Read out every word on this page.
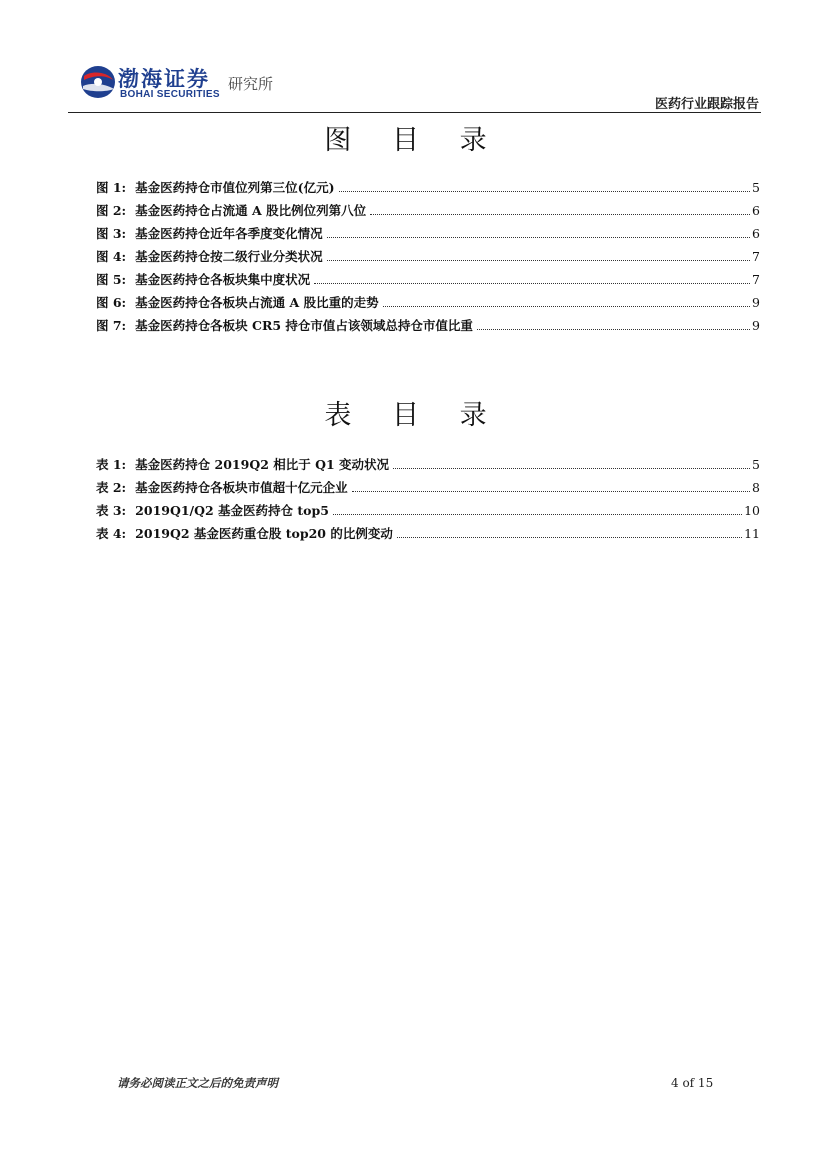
渤海证券
BOHAI SECURITIES
研究所
医药行业跟踪报告
图 目 录
图 1: 基金医药持仓市值位列第三位(亿元)	5
图 2: 基金医药持仓占流通 A 股比例位列第八位	6
图 3: 基金医药持仓近年各季度变化情况	6
图 4: 基金医药持仓按二级行业分类状况	7
图 5: 基金医药持仓各板块集中度状况	7
图 6: 基金医药持仓各板块占流通 A 股比重的走势	9
图 7: 基金医药持仓各板块 CR5 持仓市值占该领域总持仓市值比重	9
表 目 录
表 1: 基金医药持仓 2019Q2 相比于 Q1 变动状况	5
表 2: 基金医药持仓各板块市值超十亿元企业	8
表 3: 2019Q1/Q2 基金医药持仓 top5	10
表 4: 2019Q2 基金医药重仓股 top20 的比例变动	11
请务必阅读正文之后的免责声明	4 of 15
